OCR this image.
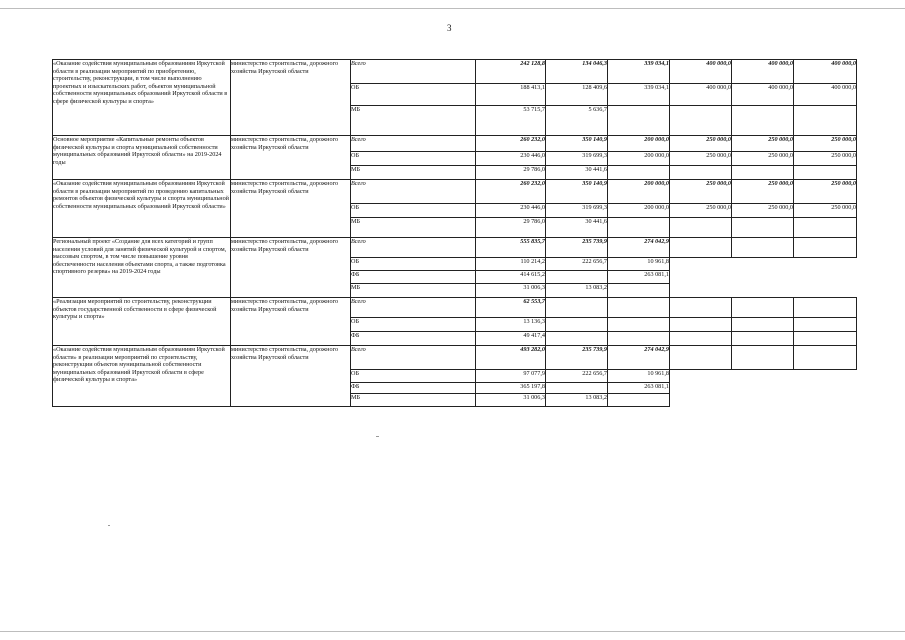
3
«Оказание содействия муниципальным образованиям Иркутской области в реализации мероприятий по приобретению, строительству, реконструкции, в том числе выполнению проектных и изыскательских работ, объектов муниципальной собственности муниципальных образований Иркутской области в сфере физической культуры и спорта»	министерство строительства, дорожного хозяйства Иркутской области	Всего	242 128,8	134 046,3	339 034,1	400 000,0	400 000,0	400 000,0
		ОБ	188 413,1	128 409,6	339 034,1	400 000,0	400 000,0	400 000,0
		МБ	53 715,7	5 636,7				
Основное мероприятие «Капитальные ремонты объектов физической культуры и спорта муниципальной собственности муниципальных образований Иркутской области» на 2019-2024 годы	министерство строительства, дорожного хозяйства Иркутской области	Всего	260 232,0	350 140,9	200 000,0	250 000,0	250 000,0	250 000,0
		ОБ	230 446,0	319 699,3	200 000,0	250 000,0	250 000,0	250 000,0
		МБ	29 786,0	30 441,6				
«Оказание содействия муниципальным образованиям Иркутской области в реализации мероприятий по проведению капитальных ремонтов объектов физической культуры и спорта муниципальной собственности муниципальных образований Иркутской области»	министерство строительства, дорожного хозяйства Иркутской области	Всего	260 232,0	350 140,9	200 000,0	250 000,0	250 000,0	250 000,0
		ОБ	230 446,0	319 699,3	200 000,0	250 000,0	250 000,0	250 000,0
		МБ	29 786,0	30 441,6				
Региональный проект «Создание для всех категорий и групп населения условий для занятий физической культурой и спортом, массовым спортом, в том числе повышение уровня обеспеченности населения объектами спорта, а также подготовка спортивного резерва» на 2019-2024 годы	министерство строительства, дорожного хозяйства Иркутской области	Всего	555 835,7	235 739,9	274 042,9			
		ОБ	110 214,2	222 656,7	10 961,8			
		ФБ	414 615,2		263 081,1			
		МБ	31 006,3	13 083,2				
«Реализация мероприятий по строительству, реконструкции объектов государственной собственности в сфере физической культуры и спорта»	министерство строительства, дорожного хозяйства Иркутской области	Всего	62 553,7					
		ОБ	13 136,3					
		ФБ	49 417,4					
«Оказание содействия муниципальным образованиям Иркутской области» в реализации мероприятий по строительству, реконструкции объектов муниципальной собственности муниципальных образований Иркутской области в сфере физической культуры и спорта»	министерство строительства, дорожного хозяйства Иркутской области	Всего	493 282,0	235 739,9	274 042,9			
		ОБ	97 077,9	222 656,7	10 961,8			
		ФБ	365 197,8		263 081,1			
		МБ	31 006,3	13 083,2				
